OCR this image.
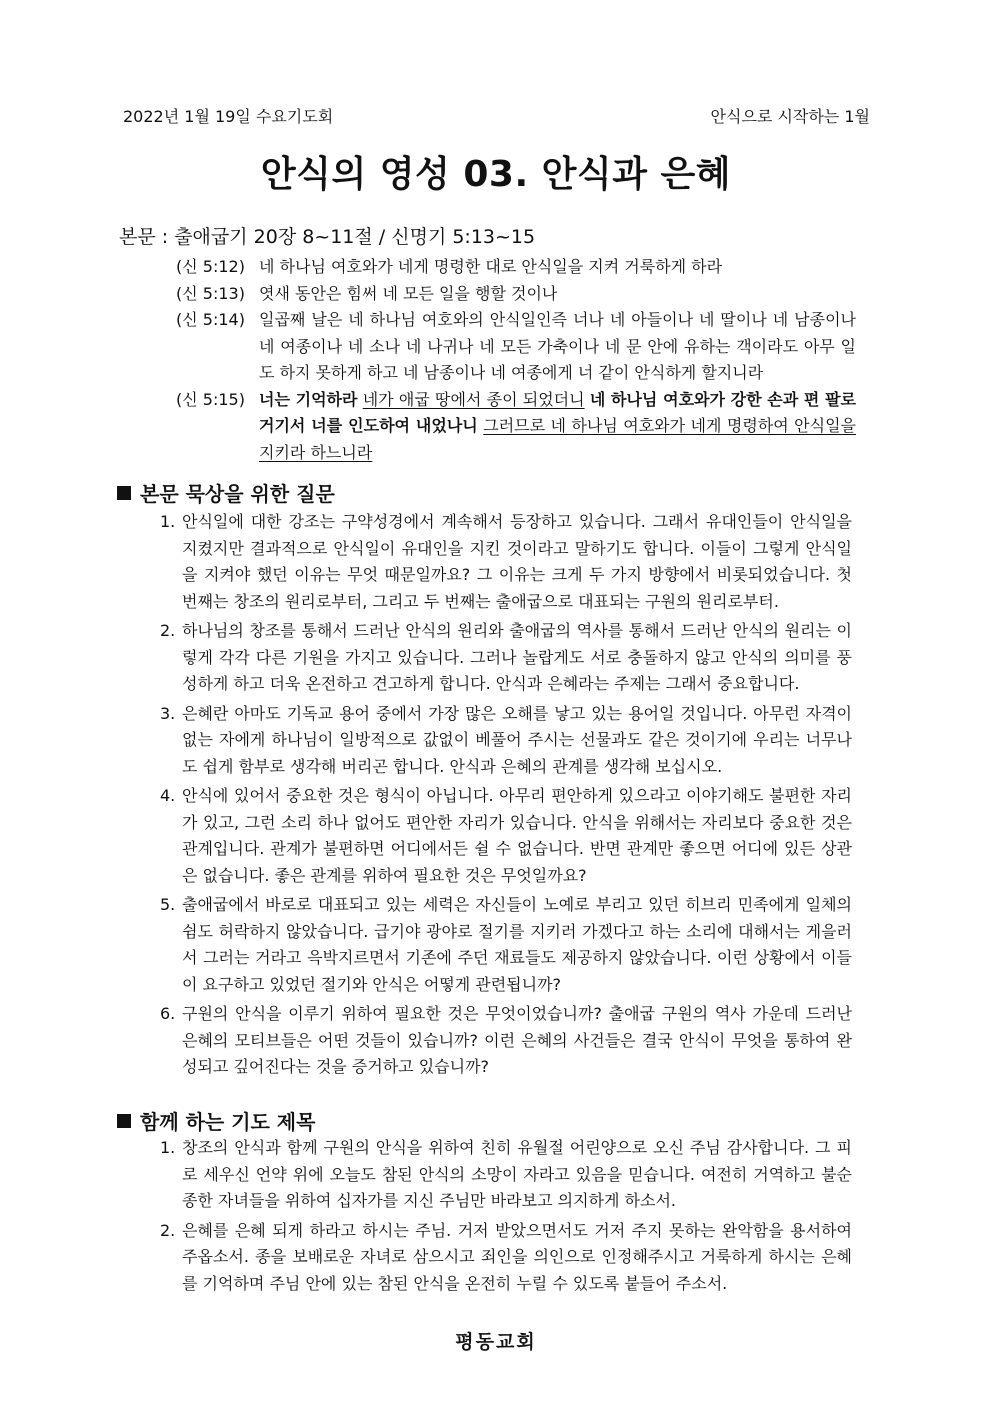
2022년 1월 19일 수요기도회	안식으로 시작하는 1월
안식의 영성 03. 안식과 은혜
본문 : 출애굽기 20장 8~11절 / 신명기 5:13~15
(신 5:12) 네 하나님 여호와가 네게 명령한 대로 안식일을 지켜 거룩하게 하라
(신 5:13) 엿새 동안은 힘써 네 모든 일을 행할 것이나
(신 5:14) 일곱째 날은 네 하나님 여호와의 안식일인즉 너나 네 아들이나 네 딸이나 네 남종이나 네 여종이나 네 소나 네 나귀나 네 모든 가축이나 네 문 안에 유하는 객이라도 아무 일도 하지 못하게 하고 네 남종이나 네 여종에게 너 같이 안식하게 할지니라
(신 5:15) 너는 기억하라 네가 애굽 땅에서 종이 되었더니 네 하나님 여호와가 강한 손과 편 팔로 거기서 너를 인도하여 내었나니 그러므로 네 하나님 여호와가 네게 명령하여 안식일을 지키라 하느니라
본문 묵상을 위한 질문
1. 안식일에 대한 강조는 구약성경에서 계속해서 등장하고 있습니다. 그래서 유대인들이 안식일을 지켰지만 결과적으로 안식일이 유대인을 지킨 것이라고 말하기도 합니다. 이들이 그렇게 안식일을 지켜야 했던 이유는 무엇 때문일까요? 그 이유는 크게 두 가지 방향에서 비롯되었습니다. 첫 번째는 창조의 원리로부터, 그리고 두 번째는 출애굽으로 대표되는 구원의 원리로부터.
2. 하나님의 창조를 통해서 드러난 안식의 원리와 출애굽의 역사를 통해서 드러난 안식의 원리는 이렇게 각각 다른 기원을 가지고 있습니다. 그러나 놀랍게도 서로 충돌하지 않고 안식의 의미를 풍성하게 하고 더욱 온전하고 견고하게 합니다. 안식과 은혜라는 주제는 그래서 중요합니다.
3. 은혜란 아마도 기독교 용어 중에서 가장 많은 오해를 낳고 있는 용어일 것입니다. 아무런 자격이 없는 자에게 하나님이 일방적으로 값없이 베풀어 주시는 선물과도 같은 것이기에 우리는 너무나 도 쉽게 함부로 생각해 버리곤 합니다. 안식과 은혜의 관계를 생각해 보십시오.
4. 안식에 있어서 중요한 것은 형식이 아닙니다. 아무리 편안하게 있으라고 이야기해도 불편한 자리가 있고, 그런 소리 하나 없어도 편안한 자리가 있습니다. 안식을 위해서는 자리보다 중요한 것은 관계입니다. 관계가 불편하면 어디에서든 쉴 수 없습니다. 반면 관계만 좋으면 어디에 있든 상관은 없습니다. 좋은 관계를 위하여 필요한 것은 무엇일까요?
5. 출애굽에서 바로로 대표되고 있는 세력은 자신들이 노예로 부리고 있던 히브리 민족에게 일체의 쉼도 허락하지 않았습니다. 급기야 광야로 절기를 지키러 가겠다고 하는 소리에 대해서는 게을러서 그러는 거라고 윽박지르면서 기존에 주던 재료들도 제공하지 않았습니다. 이런 상황에서 이들이 요구하고 있었던 절기와 안식은 어떻게 관련됩니까?
6. 구원의 안식을 이루기 위하여 필요한 것은 무엇이었습니까? 출애굽 구원의 역사 가운데 드러난 은혜의 모티브들은 어떤 것들이 있습니까? 이런 은혜의 사건들은 결국 안식이 무엇을 통하여 완성되고 깊어진다는 것을 증거하고 있습니까?
함께 하는 기도 제목
1. 창조의 안식과 함께 구원의 안식을 위하여 친히 유월절 어린양으로 오신 주님 감사합니다. 그 피로 세우신 언약 위에 오늘도 참된 안식의 소망이 자라고 있음을 믿습니다. 여전히 거역하고 불순종한 자녀들을 위하여 십자가를 지신 주님만 바라보고 의지하게 하소서.
2. 은혜를 은혜 되게 하라고 하시는 주님. 거저 받았으면서도 거저 주지 못하는 완악함을 용서하여 주옵소서. 종을 보배로운 자녀로 삼으시고 죄인을 의인으로 인정해주시고 거룩하게 하시는 은혜를 기억하며 주님 안에 있는 참된 안식을 온전히 누릴 수 있도록 붙들어 주소서.
평동교회
